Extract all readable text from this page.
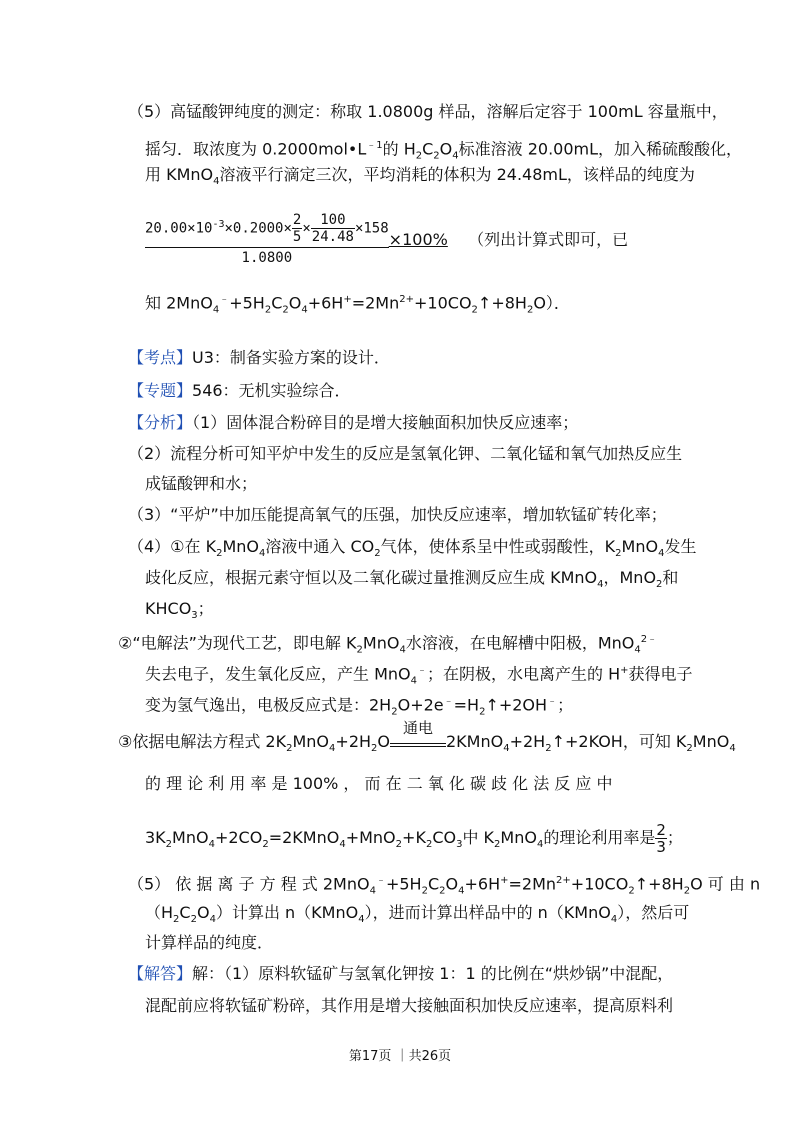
（5）高锰酸钾纯度的测定：称取 1.0800g 样品，溶解后定容于 100mL 容量瓶中，
摇匀．取浓度为 $0.2000mol•L^{﹣1}$的 $H_2C_2O_4$标准溶液 20.00mL，加入稀硫酸酸化，
用 KMnO$_4$溶液平行滴定三次，平均消耗的体积为 24.48mL，该样品的纯度为
$\frac{20.00\times 10^{-3}\times 0.2000\times \frac{2}{5} \times \frac{100}{24.48} \times 158}{1.0800} \times 100\%$ （列出计算式即可，已
知 $2MnO_4^﹣+5H_2C_2O_4+6H^+=2Mn^{2+}+10CO_2↑+8H_2O$）．
【考点】U3：制备实验方案的设计．
【专题】546：无机实验综合．
【分析】（1）固体混合粉碎目的是增大接触面积加快反应速率；
（2）流程分析可知平炉中发生的反应是氢氧化钾、二氧化锰和氧气加热反应生
成锰酸钾和水；
（3）“平炉”中加压能提高氧气的压强，加快反应速率，增加软锰矿转化率；
（4）①在 $K_2MnO_4$溶液中通入 $CO_2$气体，使体系呈中性或弱酸性，$K_2MnO_4$发生
歧化反应，根据元素守恒以及二氧化碳过量推测反应生成 KMnO$_4$，MnO$_2$和
$KHCO_3$；
②“电解法”为现代工艺，即电解 $K_2MnO_4$水溶液，在电解槽中阳极，MnO$_4^{2﹣}$
失去电子，发生氧化反应，产生 MnO$_4$﹣；在阴极，水电离产生的 H+获得电子
变为氢气逸出，电极反应式是：$2H_2O+2e^﹣=H_2↑+2OH^﹣$；
③依据电解法方程式 $2K_2MnO_4+2H_2O$
通电
$2KMnO_4+2H_2↑+2KOH$，可知 $K_2MnO_4$
的 理 论 利 用 率 是 100% ， 而 在 二 氧 化 碳 歧 化 法 反 应 中
$3K_2MnO_4+2CO_2=2KMnO_4+MnO_2+K_2CO_3$中 $K_2MnO_4$的理论利用率是 $\frac{2}{3}$ ；
（5） 依 据 离 子 方 程 式 $2MnO_4^﹣+5H_2C_2O_4+6H^+=2Mn^{2+}+10CO_2↑+8H_2O$ 可 由 n
$(H_2C_2O_4)$计算出 n（KMnO$_4$），进而计算出样品中的 n（KMnO$_4$），然后可
计算样品的纯度．
【解答】解：（1）原料软锰矿与氢氧化钾按 1：1 的比例在“烘炒锅”中混配，
混配前应将软锰矿粉碎，其作用是增大接触面积加快反应速率，提高原料利
第17页 ｜共26页
